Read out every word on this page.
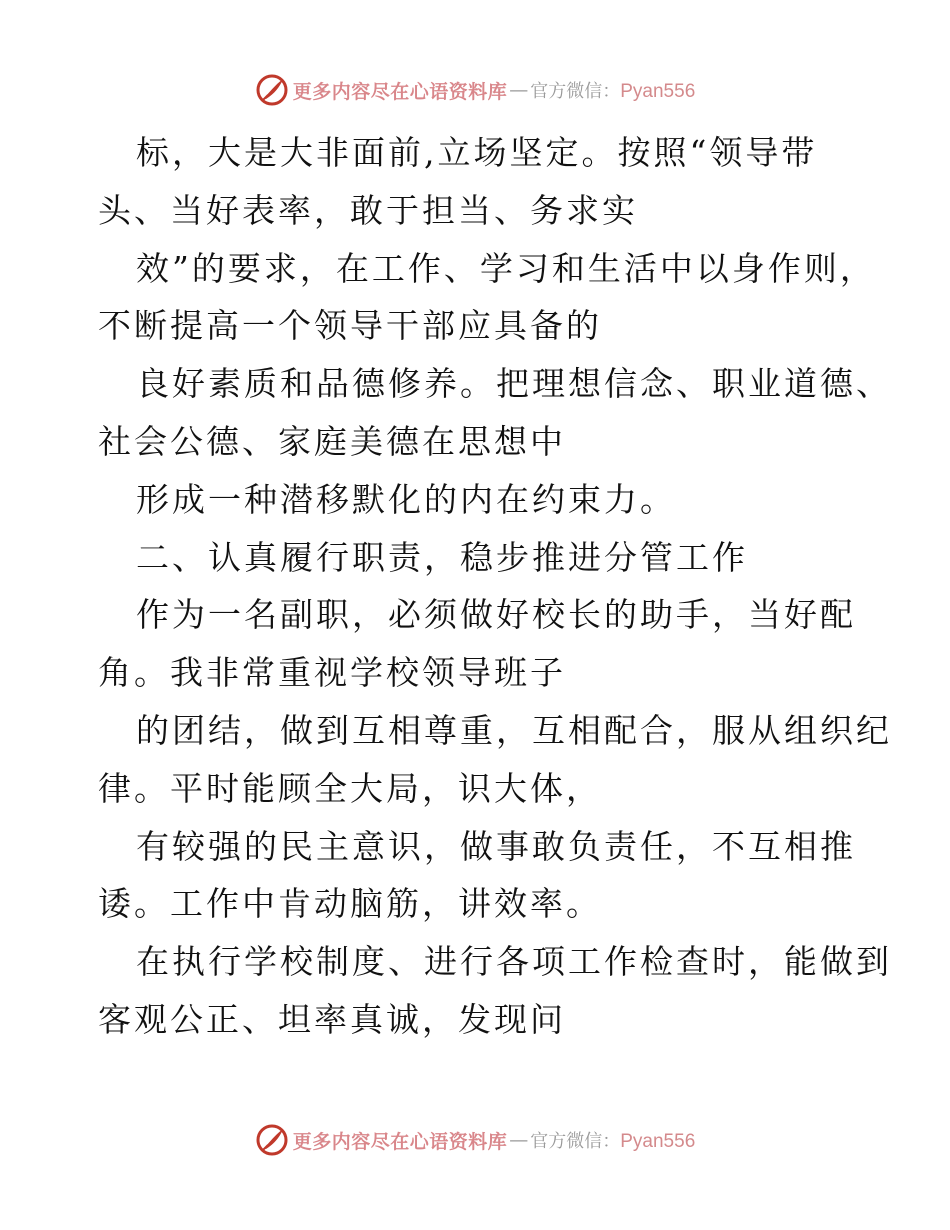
更多内容尽在心语资料库 — 官方微信：Pyan556
标，大是大非面前,立场坚定。按照“领导带
头、当好表率，敢于担当、务求实
效”的要求，在工作、学习和生活中以身作则，
不断提高一个领导干部应具备的
良好素质和品德修养。把理想信念、职业道德、
社会公德、家庭美德在思想中
形成一种潜移默化的内在约束力。
二、认真履行职责，稳步推进分管工作
作为一名副职，必须做好校长的助手，当好配
角。我非常重视学校领导班子
的团结，做到互相尊重，互相配合，服从组织纪
律。平时能顾全大局，识大体，
有较强的民主意识，做事敢负责任，不互相推
诿。工作中肯动脑筋，讲效率。
在执行学校制度、进行各项工作检查时，能做到
客观公正、坦率真诚，发现问
更多内容尽在心语资料库 — 官方微信：Pyan556
